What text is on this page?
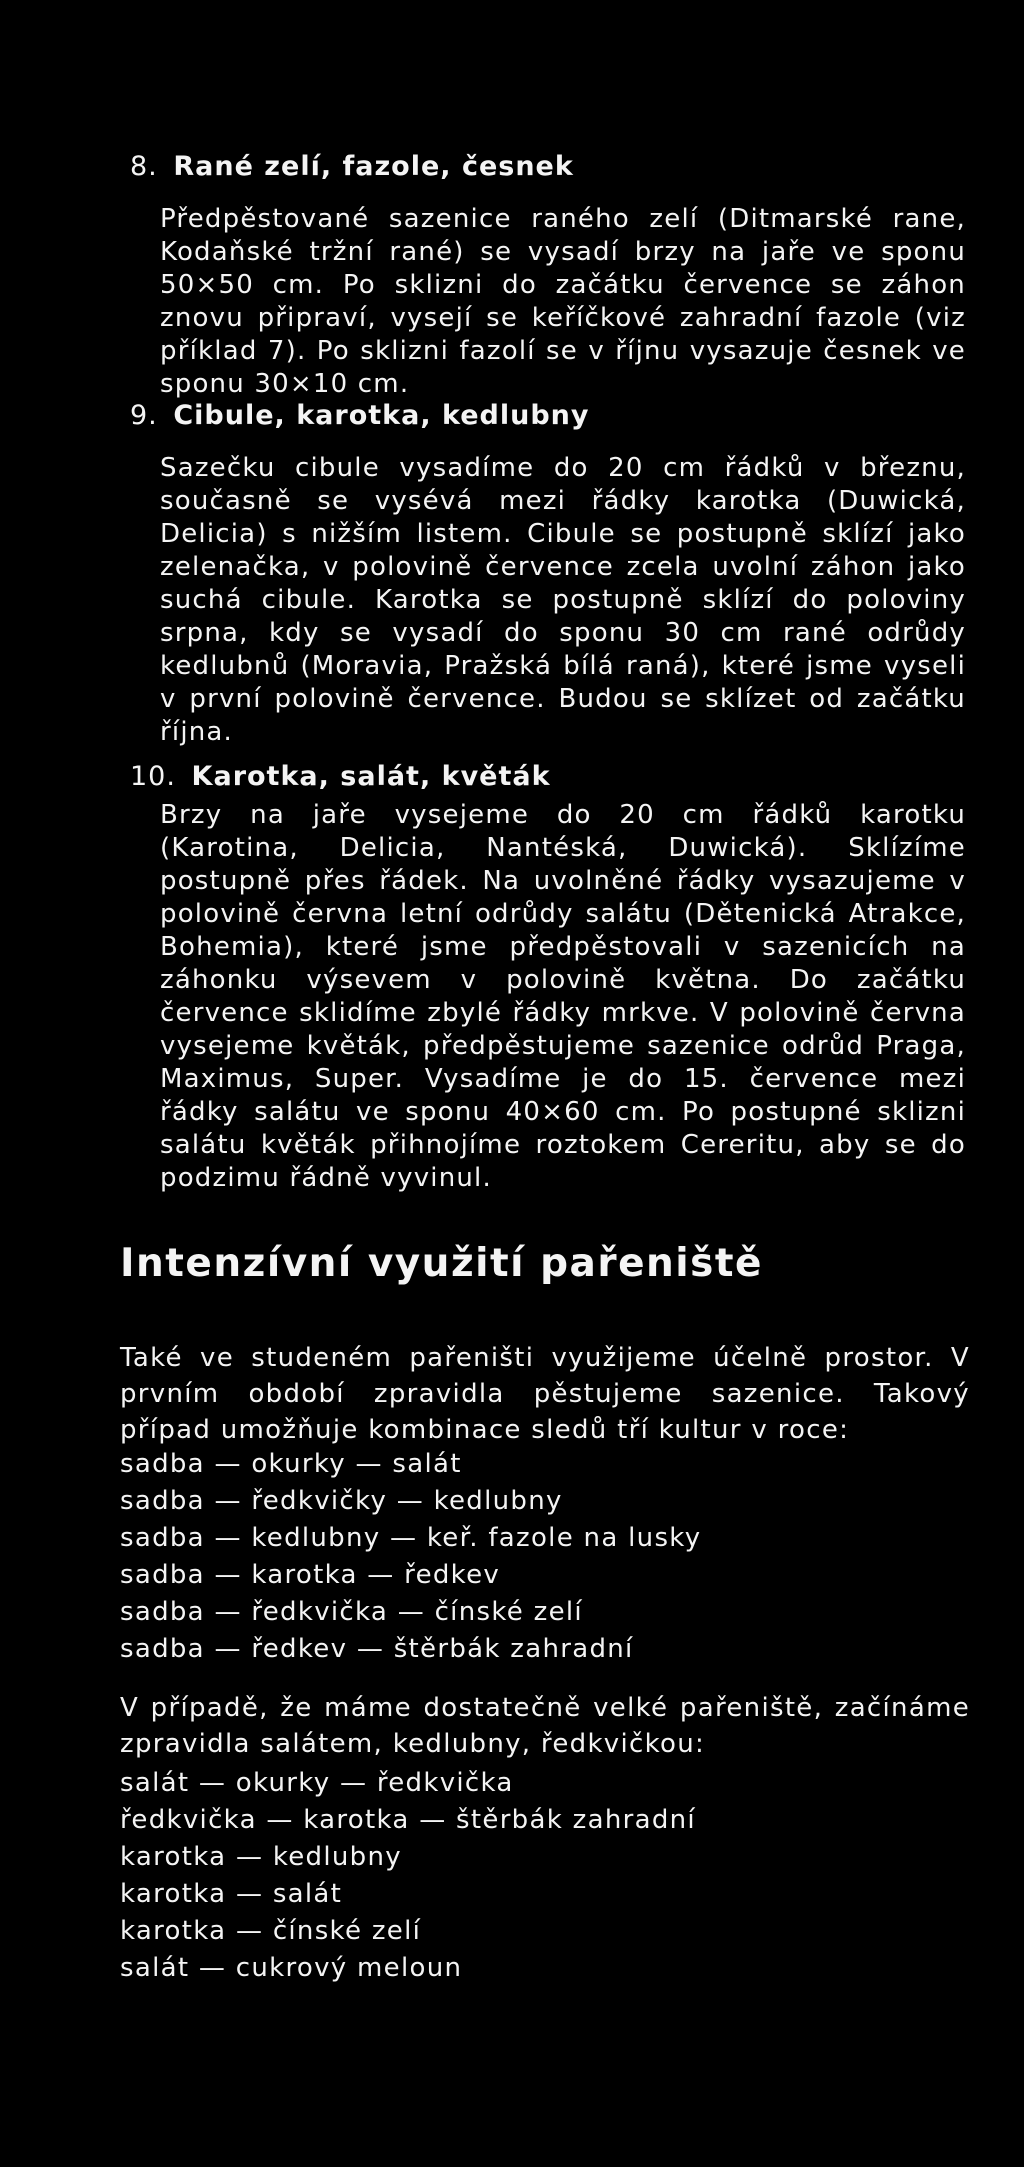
8. Rané zelí, fazole, česnek
Předpěstované sazenice raného zelí (Ditmarské rane, Kodaňské tržní rané) se vysadí brzy na jaře ve sponu 50×50 cm. Po sklizni do začátku července se záhon znovu připraví, vysejí se keříčkové zahradní fazole (viz příklad 7). Po sklizni fazolí se v říjnu vysazuje česnek ve sponu 30×10 cm.
9. Cibule, karotka, kedlubny
Sazečku cibule vysadíme do 20 cm řádků v březnu, současně se vysévá mezi řádky karotka (Duwická, Delicia) s nižším listem. Cibule se postupně sklízí jako zelenačka, v polovině července zcela uvolní záhon jako suchá cibule. Karotka se postupně sklízí do poloviny srpna, kdy se vysadí do sponu 30 cm rané odrůdy kedlubnů (Moravia, Pražská bílá raná), které jsme vyseli v první polovině července. Budou se sklízet od začátku října.
10. Karotka, salát, květák
Brzy na jaře vysejeme do 20 cm řádků karotku (Karotina, Delicia, Nantéská, Duwická). Sklízíme postupně přes řádek. Na uvolněné řádky vysazujeme v polovině června letní odrůdy salátu (Dětenická Atrakce, Bohemia), které jsme předpěstovali v sazenicích na záhonku výsevem v polovině května. Do začátku července sklidíme zbylé řádky mrkve. V polovině června vysejeme květák, předpěstujeme sazenice odrůd Praga, Maximus, Super. Vysadíme je do 15. července mezi řádky salátu ve sponu 40×60 cm. Po postupné sklizni salátu květák přihnojíme roztokem Cereritu, aby se do podzimu řádně vyvinul.
Intenzívní využití pařeniště
Také ve studeném pařeništi využijeme účelně prostor. V prvním období zpravidla pěstujeme sazenice. Takový případ umožňuje kombinace sledů tří kultur v roce:
sadba — okurky — salát
sadba — ředkvičky — kedlubny
sadba — kedlubny — keř. fazole na lusky
sadba — karotka — ředkev
sadba — ředkvička — čínské zelí
sadba — ředkev — štěrbák zahradní
V případě, že máme dostatečně velké pařeniště, začínáme zpravidla salátem, kedlubny, ředkvičkou:
salát — okurky — ředkvička
ředkvička — karotka — štěrbák zahradní
karotka — kedlubny
karotka — salát
karotka — čínské zelí
salát — cukrový meloun
